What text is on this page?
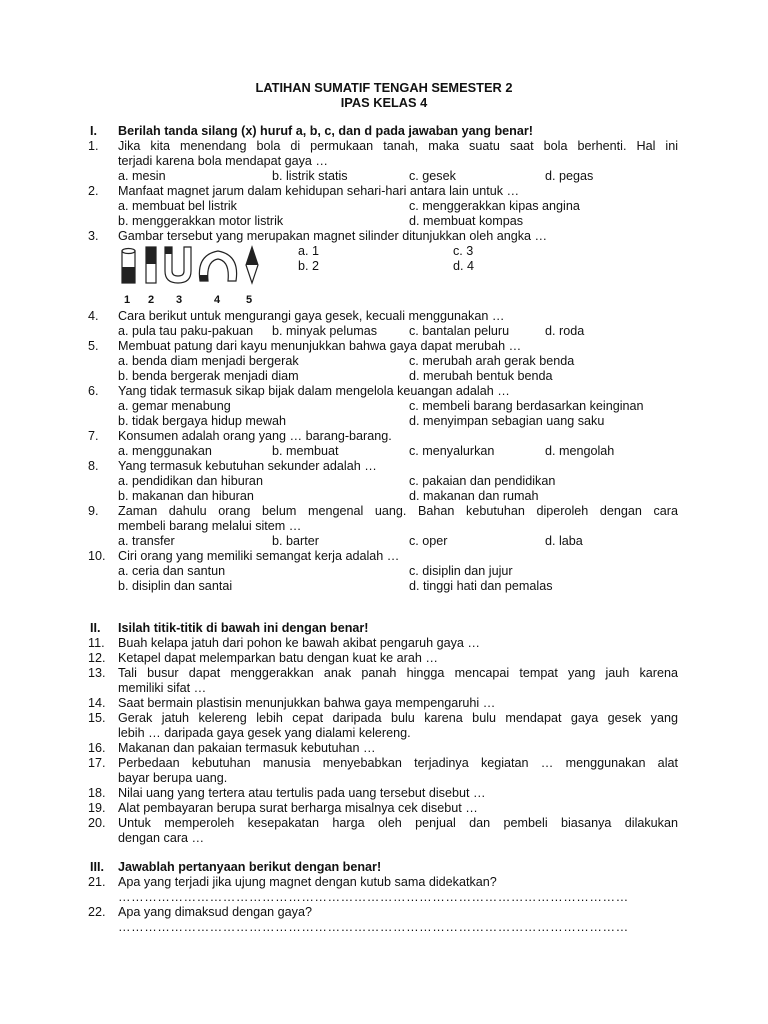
LATIHAN SUMATIF TENGAH SEMESTER 2
IPAS KELAS 4
I. Berilah tanda silang (x) huruf a, b, c, dan d pada jawaban yang benar!
1.	Jika kita menendang bola di permukaan tanah, maka suatu saat bola berhenti. Hal ini
terjadi karena bola mendapat gaya …
a. mesin	b. listrik statis	c. gesek	d. pegas
2.	Manfaat magnet jarum dalam kehidupan sehari-hari antara lain untuk …
a. membuat bel listrik	c. menggerakkan kipas angina
b. menggerakkan motor listrik	d. membuat kompas
3.	Gambar tersebut yang merupakan magnet silinder ditunjukkan oleh angka …
a. 1	c. 3
b. 2	d. 4
1 2 3	4 5
4.	Cara berikut untuk mengurangi gaya gesek, kecuali menggunakan …
a. pula tau paku-pakuan b. minyak pelumas	c. bantalan peluru	d. roda
5.	Membuat patung dari kayu menunjukkan bahwa gaya dapat merubah …
a. benda diam menjadi bergerak	c. merubah arah gerak benda
b. benda bergerak menjadi diam	d. merubah bentuk benda
6.	Yang tidak termasuk sikap bijak dalam mengelola keuangan adalah …
a. gemar menabung	c. membeli barang berdasarkan keinginan
b. tidak bergaya hidup mewah	d. menyimpan sebagian uang saku
7.	Konsumen adalah orang yang … barang-barang.
a. menggunakan	b. membuat	c. menyalurkan	d. mengolah
8.	Yang termasuk kebutuhan sekunder adalah …
a. pendidikan dan hiburan	c. pakaian dan pendidikan
b. makanan dan hiburan	d. makanan dan rumah
9.	Zaman dahulu orang belum mengenal uang. Bahan kebutuhan diperoleh dengan cara
membeli barang melalui sitem …
a. transfer	b. barter	c. oper	d. laba
10. Ciri orang yang memiliki semangat kerja adalah …
a. ceria dan santun	c. disiplin dan jujur
b. disiplin dan santai	d. tinggi hati dan pemalas
II. Isilah titik-titik di bawah ini dengan benar!
11.	Buah kelapa jatuh dari pohon ke bawah akibat pengaruh gaya …
12. Ketapel dapat melemparkan batu dengan kuat ke arah …
13. Tali busur dapat menggerakkan anak panah hingga mencapai tempat yang jauh karena
memiliki sifat …
14. Saat bermain plastisin menunjukkan bahwa gaya mempengaruhi …
15. Gerak jatuh kelereng lebih cepat daripada bulu karena bulu mendapat gaya gesek yang
lebih … daripada gaya gesek yang dialami kelereng.
16. Makanan dan pakaian termasuk kebutuhan …
17. Perbedaan kebutuhan manusia menyebabkan terjadinya kegiatan … menggunakan alat
bayar berupa uang.
18. Nilai uang yang tertera atau tertulis pada uang tersebut disebut …
19. Alat pembayaran berupa surat berharga misalnya cek disebut …
20. Untuk memperoleh kesepakatan harga oleh penjual dan pembeli biasanya dilakukan
dengan cara …
III. Jawablah pertanyaan berikut dengan benar!
21. Apa yang terjadi jika ujung magnet dengan kutub sama didekatkan?
………………………………………………………………………………………………………
22. Apa yang dimaksud dengan gaya?
………………………………………………………………………………………………………
